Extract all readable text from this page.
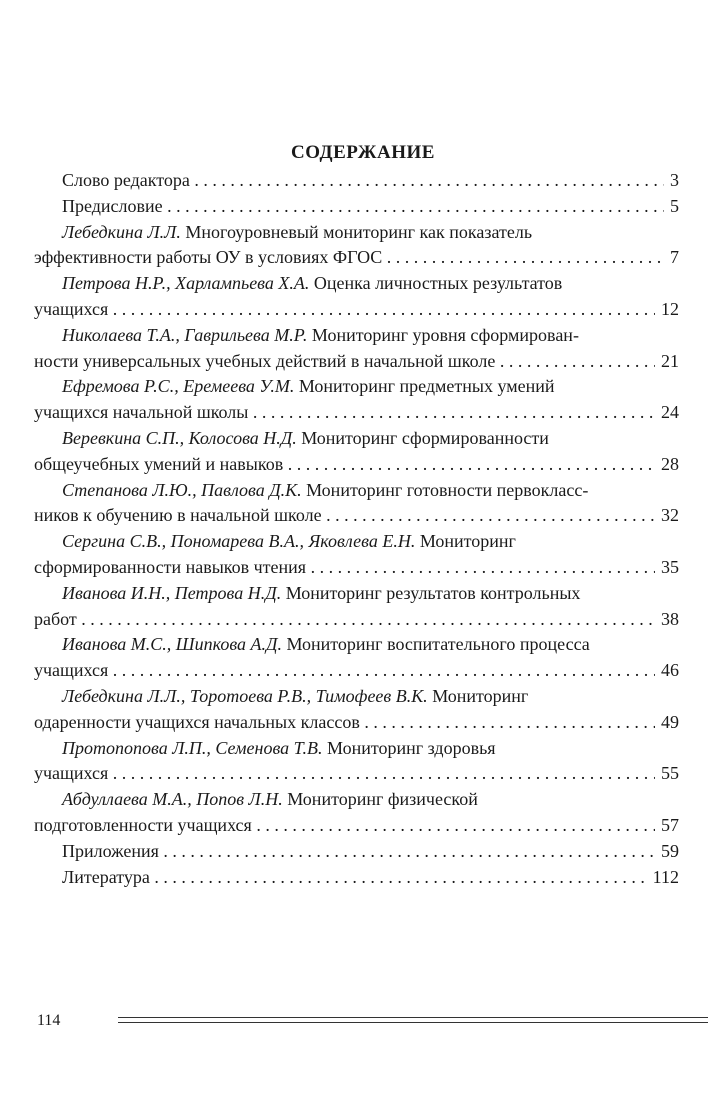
СОДЕРЖАНИЕ
Слово редактора	3
. . .
Предисловие	5
. . .
Лебедкина Л.Л. Многоуровневый мониторинг как показатель
эффективности работы ОУ в условиях ФГОС	7
. . .
Петрова Н.Р., Харлампьева Х.А. Оценка личностных результатов
учащихся	12
. . .
Николаева Т.А., Гаврильева М.Р. Мониторинг уровня сформирован-
ности универсальных учебных действий в начальной школе	21
. . .
Ефремова Р.С., Еремеева У.М. Мониторинг предметных умений
учащихся начальной школы	24
. . .
Веревкина С.П., Колосова Н.Д. Мониторинг сформированности
общеучебных умений и навыков	28
. . .
Степанова Л.Ю., Павлова Д.К. Мониторинг готовности первокласс-
ников к обучению в начальной школе	32
. . .
Сергина С.В., Пономарева В.А., Яковлева Е.Н. Мониторинг
сформированности навыков чтения	35
. . .
Иванова И.Н., Петрова Н.Д. Мониторинг результатов контрольных
работ	38
. . .
Иванова М.С., Шипкова А.Д. Мониторинг воспитательного процесса
учащихся	46
. . .
Лебедкина Л.Л., Торотоева Р.В., Тимофеев В.К. Мониторинг
одаренности учащихся начальных классов	49
. . .
Протопопова Л.П., Семенова Т.В. Мониторинг здоровья
учащихся	55
. . .
Абдуллаева М.А., Попов Л.Н. Мониторинг физической
подготовленности учащихся	57
. . .
Приложения	59
. . .
Литература	112
. . .
114
